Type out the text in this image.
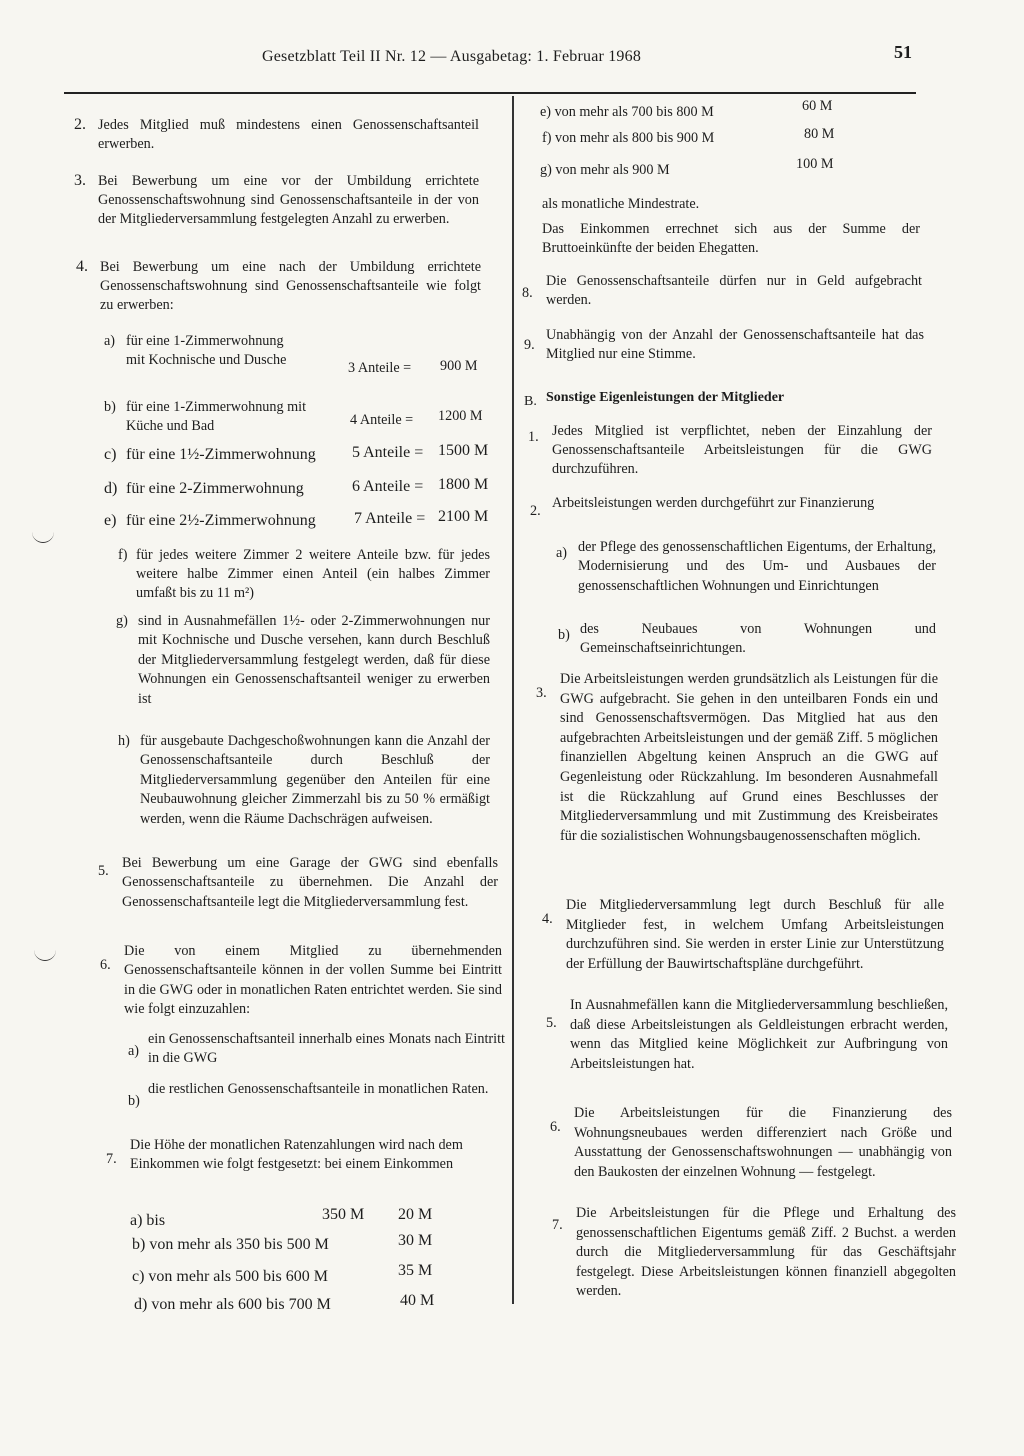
Gesetzblatt Teil II Nr. 12 — Ausgabetag: 1. Februar 1968	51
2. Jedes Mitglied muß mindestens einen Genossenschaftsanteil erwerben.
3. Bei Bewerbung um eine vor der Umbildung errichtete Genossenschaftswohnung sind Genossenschaftsanteile in der von der Mitgliederversammlung festgelegten Anzahl zu erwerben.
4. Bei Bewerbung um eine nach der Umbildung errichtete Genossenschaftswohnung sind Genossenschaftsanteile wie folgt zu erwerben:
a) für eine 1-Zimmerwohnung mit Kochnische und Dusche	3 Anteile = 900 M
b) für eine 1-Zimmerwohnung mit Küche und Bad	4 Anteile = 1200 M
c) für eine 1½-Zimmerwohnung 5 Anteile = 1500 M
d) für eine 2-Zimmerwohnung	6 Anteile = 1800 M
e) für eine 2½-Zimmerwohnung 7 Anteile = 2100 M
f) für jedes weitere Zimmer 2 weitere Anteile bzw. für jedes weitere halbe Zimmer einen Anteil (ein halbes Zimmer umfaßt bis zu 11 m²)
g) sind in Ausnahmefällen 1½- oder 2-Zimmerwohnungen nur mit Kochnische und Dusche versehen, kann durch Beschluß der Mitgliederversammlung festgelegt werden, daß für diese Wohnungen ein Genossenschaftsanteil weniger zu erwerben ist
h) für ausgebaute Dachgeschoßwohnungen kann die Anzahl der Genossenschaftsanteile durch Beschluß der Mitgliederversammlung gegenüber den Anteilen für eine Neubauwohnung gleicher Zimmerzahl bis zu 50 % ermäßigt werden, wenn die Räume Dachschrägen aufweisen.
5. Bei Bewerbung um eine Garage der GWG sind ebenfalls Genossenschaftsanteile zu übernehmen. Die Anzahl der Genossenschaftsanteile legt die Mitgliederversammlung fest.
6.
Die von einem Mitglied zu übernehmenden Genossenschaftsanteile können in der vollen Summe bei Eintritt in die GWG oder in monatlichen Raten entrichtet werden. Sie sind wie folgt einzuzahlen:
a)
ein Genossenschaftsanteil innerhalb eines Monats nach Eintritt in die GWG
b)
die restlichen Genossenschaftsanteile in monatlichen Raten.
7.
Die Höhe der monatlichen Ratenzahlungen wird nach dem Einkommen wie folgt festgesetzt: bei einem Einkommen
a) bis	350 M 20 M
b) von mehr als 350 bis 500 M	30 M
c) von mehr als 500 bis 600 M	35 M
d) von mehr als 600 bis 700 M	40 M
e) von mehr als 700 bis 800 M	60 M
f) von mehr als 800 bis 900 M	80 M
g) von mehr als 900 M	100 M
als monatliche Mindestrate.
Das Einkommen errechnet sich aus der Summe der Bruttoeinkünfte der beiden Ehegatten.
8.
Die Genossenschaftsanteile dürfen nur in Geld aufgebracht werden.
9.
Unabhängig von der Anzahl der Genossenschaftsanteile hat das Mitglied nur eine Stimme.
B. Sonstige Eigenleistungen der Mitglieder
1. Jedes Mitglied ist verpflichtet, neben der Einzahlung der Genossenschaftsanteile Arbeitsleistungen für die GWG durchzuführen.
2. Arbeitsleistungen werden durchgeführt zur Finanzierung
a) der Pflege des genossenschaftlichen Eigentums, der Erhaltung, Modernisierung und des Um- und Ausbaues der genossenschaftlichen Wohnungen und Einrichtungen
b) des Neubaues von Wohnungen und Gemeinschaftseinrichtungen.
3.
Die Arbeitsleistungen werden grundsätzlich als Leistungen für die GWG aufgebracht. Sie gehen in den unteilbaren Fonds ein und sind Genossenschaftsvermögen. Das Mitglied hat aus den aufgebrachten Arbeitsleistungen und der gemäß Ziff. 5 möglichen finanziellen Abgeltung keinen Anspruch an die GWG auf Gegenleistung oder Rückzahlung. Im besonderen Ausnahmefall ist die Rückzahlung auf Grund eines Beschlusses der Mitgliederversammlung und mit Zustimmung des Kreisbeirates für die sozialistischen Wohnungsbaugenossenschaften möglich.
4.
Die Mitgliederversammlung legt durch Beschluß für alle Mitglieder fest, in welchem Umfang Arbeitsleistungen durchzuführen sind. Sie werden in erster Linie zur Unterstützung der Erfüllung der Bauwirtschaftspläne durchgeführt.
5.
In Ausnahmefällen kann die Mitgliederversammlung beschließen, daß diese Arbeitsleistungen als Geldleistungen erbracht werden, wenn das Mitglied keine Möglichkeit zur Aufbringung von Arbeitsleistungen hat.
6.
Die Arbeitsleistungen für die Finanzierung des Wohnungsneubaues werden differenziert nach Größe und Ausstattung der Genossenschaftswohnungen — unabhängig von den Baukosten der einzelnen Wohnung — festgelegt.
7.
Die Arbeitsleistungen für die Pflege und Erhaltung des genossenschaftlichen Eigentums gemäß Ziff. 2 Buchst. a werden durch die Mitgliederversammlung für das Geschäftsjahr festgelegt. Diese Arbeitsleistungen können finanziell abgegolten werden.
